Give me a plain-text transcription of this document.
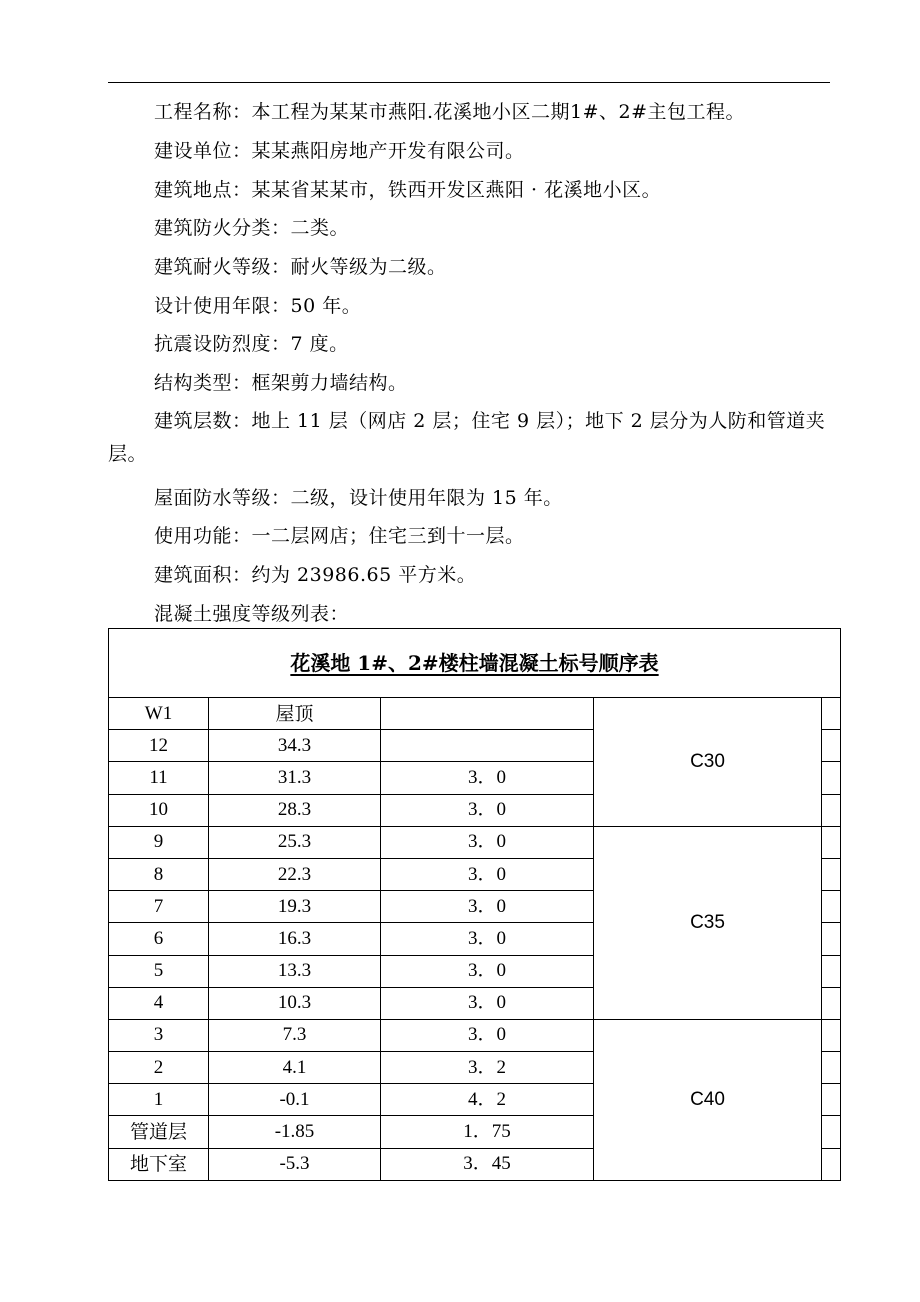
工程名称：本工程为某某市燕阳.花溪地小区二期1#、2#主包工程。
建设单位：某某燕阳房地产开发有限公司。
建筑地点：某某省某某市，铁西开发区燕阳 · 花溪地小区。
建筑防火分类：二类。
建筑耐火等级：耐火等级为二级。
设计使用年限：50 年。
抗震设防烈度：7 度。
结构类型：框架剪力墙结构。
建筑层数：地上 11 层（网店 2 层；住宅 9 层）；地下 2 层分为人防和管道夹层。
屋面防水等级：二级，设计使用年限为 15 年。
使用功能：一二层网店；住宅三到十一层。
建筑面积：约为 23986.65 平方米。
混凝土强度等级列表：
花溪地 1#、2#楼柱墙混凝土标号顺序表				
W1	屋顶		C30	
12	34.3			
11	31.3	3．0		
10	28.3	3．0		
9	25.3	3．0	C35	
8	22.3	3．0		
7	19.3	3．0		
6	16.3	3．0		
5	13.3	3．0		
4	10.3	3．0		
3	7.3	3．0	C40	
2	4.1	3．2		
1	-0.1	4．2		
管道层	-1.85	1．75		
地下室	-5.3	3．45		
